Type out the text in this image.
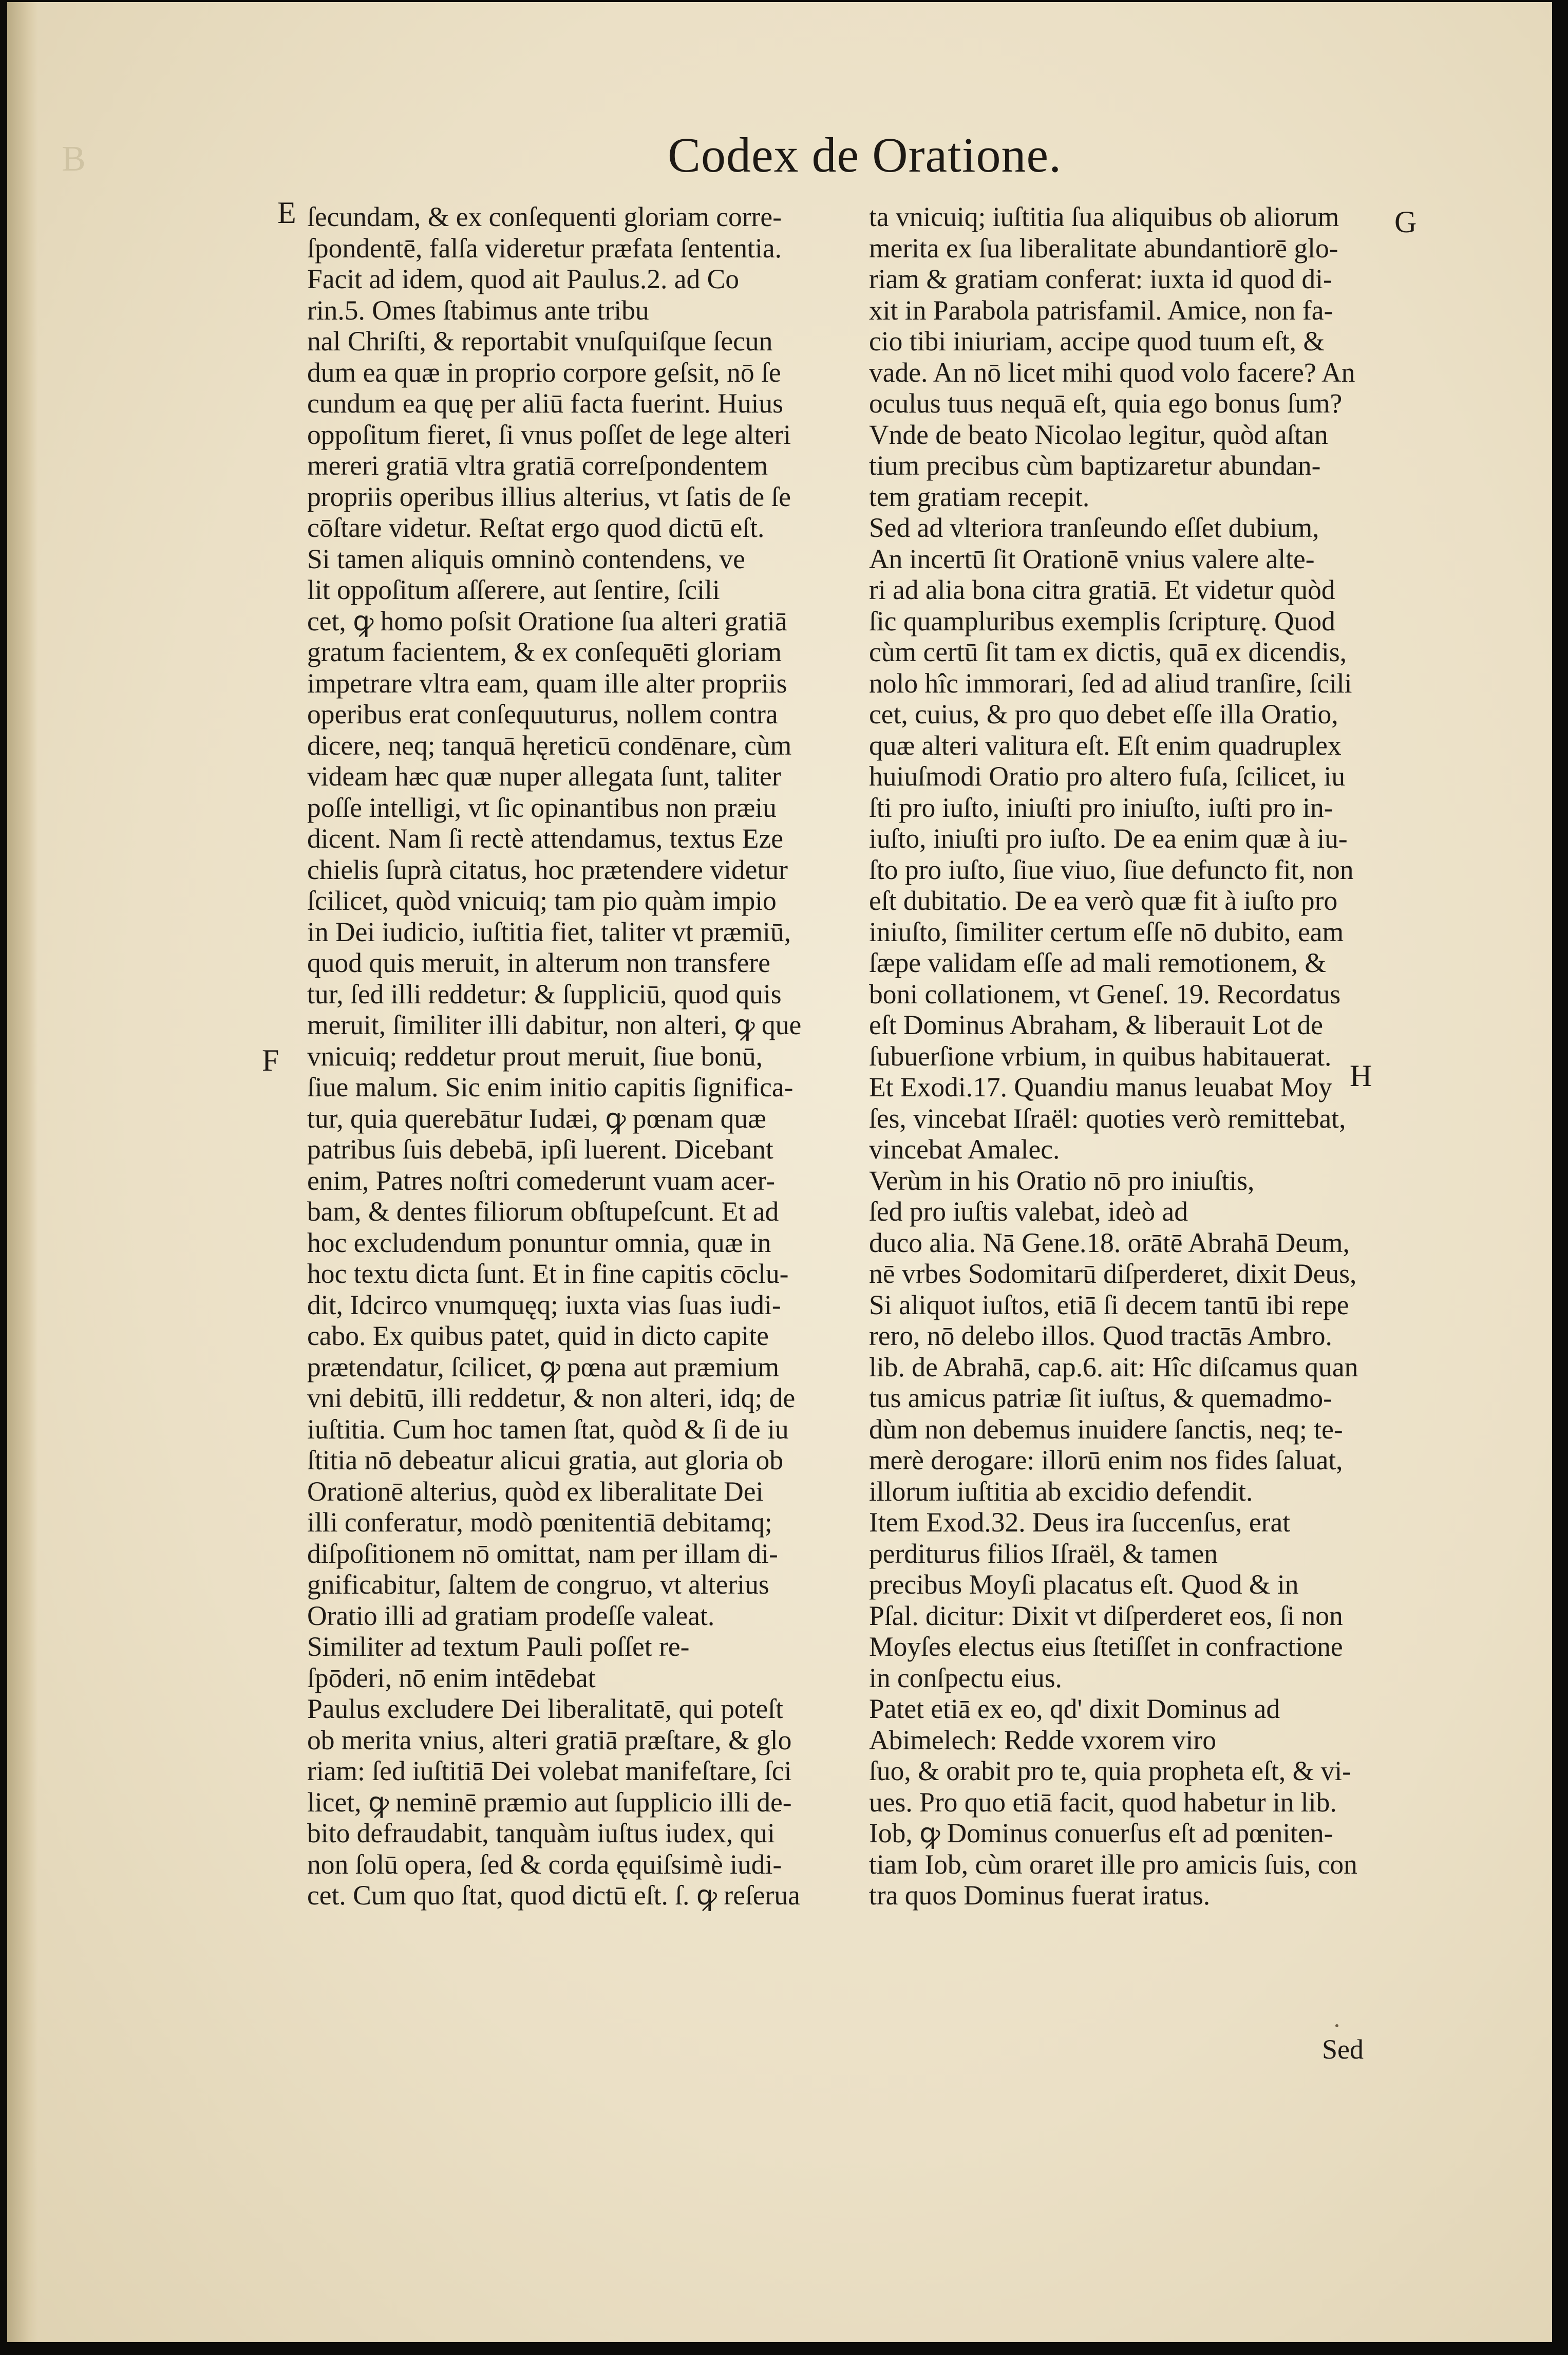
B	Codex de Oratione.
E
F
G
H
ſecundam, & ex conſequenti gloriam corre-
ſpondentē, falſa videretur præfata ſententia.
Facit ad idem, quod ait Paulus.2. ad Co
rin.5. Omes ſtabimus ante tribu
nal Chriſti, & reportabit vnuſquiſque ſecun
dum ea quæ in proprio corpore geſsit, nō ſe
cundum ea quę per aliū facta fuerint. Huius
oppoſitum fieret, ſi vnus poſſet de lege alteri
mereri gratiā vltra gratiā correſpondentem
propriis operibus illius alterius, vt ſatis de ſe
cōſtare videtur. Reſtat ergo quod dictū eſt.
Si tamen aliquis omninò contendens, ve
lit oppoſitum aſſerere, aut ſentire, ſcili
cet, ꝙ homo poſsit Oratione ſua alteri gratiā
gratum facientem, & ex conſequēti gloriam
impetrare vltra eam, quam ille alter propriis
operibus erat conſequuturus, nollem contra
dicere, neq; tanquā hęreticū condēnare, cùm
videam hæc quæ nuper allegata ſunt, taliter
poſſe intelligi, vt ſic opinantibus non præiu
dicent. Nam ſi rectè attendamus, textus Eze
chielis ſuprà citatus, hoc prætendere videtur
ſcilicet, quòd vnicuiq; tam pio quàm impio
in Dei iudicio, iuſtitia fiet, taliter vt præmiū,
quod quis meruit, in alterum non transfere
tur, ſed illi reddetur: & ſuppliciū, quod quis
meruit, ſimiliter illi dabitur, non alteri, ꝙ que
vnicuiq; reddetur prout meruit, ſiue bonū,
ſiue malum. Sic enim initio capitis ſignifica-
tur, quia querebātur Iudæi, ꝙ pœnam quæ
patribus ſuis debebā, ipſi luerent. Dicebant
enim, Patres noſtri comederunt vuam acer-
bam, & dentes filiorum obſtupeſcunt. Et ad
hoc excludendum ponuntur omnia, quæ in
hoc textu dicta ſunt. Et in fine capitis cōclu-
dit, Idcirco vnumquęq; iuxta vias ſuas iudi-
cabo. Ex quibus patet, quid in dicto capite
prætendatur, ſcilicet, ꝙ pœna aut præmium
vni debitū, illi reddetur, & non alteri, idq; de
iuſtitia. Cum hoc tamen ſtat, quòd & ſi de iu
ſtitia nō debeatur alicui gratia, aut gloria ob
Orationē alterius, quòd ex liberalitate Dei
illi conferatur, modò pœnitentiā debitamq;
diſpoſitionem nō omittat, nam per illam di-
gnificabitur, ſaltem de congruo, vt alterius
Oratio illi ad gratiam prodeſſe valeat.
Similiter ad textum Pauli poſſet re-
ſpōderi, nō enim intēdebat
Paulus excludere Dei liberalitatē, qui poteſt
ob merita vnius, alteri gratiā præſtare, & glo
riam: ſed iuſtitiā Dei volebat manifeſtare, ſci
licet, ꝙ neminē præmio aut ſupplicio illi de-
bito defraudabit, tanquàm iuſtus iudex, qui
non ſolū opera, ſed & corda ęquiſsimè iudi-
cet. Cum quo ſtat, quod dictū eſt. ſ. ꝙ reſerua
ta vnicuiq; iuſtitia ſua aliquibus ob aliorum
merita ex ſua liberalitate abundantiorē glo-
riam & gratiam conferat: iuxta id quod di-
xit in Parabola patrisfamil. Amice, non fa-
cio tibi iniuriam, accipe quod tuum eſt, &
vade. An nō licet mihi quod volo facere? An
oculus tuus nequā eſt, quia ego bonus ſum?
Vnde de beato Nicolao legitur, quòd aſtan
tium precibus cùm baptizaretur abundan-
tem gratiam recepit.
Sed ad vlteriora tranſeundo eſſet dubium,
An incertū ſit Orationē vnius valere alte-
ri ad alia bona citra gratiā. Et videtur quòd
ſic quampluribus exemplis ſcripturę. Quod
cùm certū ſit tam ex dictis, quā ex dicendis,
nolo hîc immorari, ſed ad aliud tranſire, ſcili
cet, cuius, & pro quo debet eſſe illa Oratio,
quæ alteri valitura eſt. Eſt enim quadruplex
huiuſmodi Oratio pro altero fuſa, ſcilicet, iu
ſti pro iuſto, iniuſti pro iniuſto, iuſti pro in-
iuſto, iniuſti pro iuſto. De ea enim quæ à iu-
ſto pro iuſto, ſiue viuo, ſiue defuncto fit, non
eſt dubitatio. De ea verò quæ fit à iuſto pro
iniuſto, ſimiliter certum eſſe nō dubito, eam
ſæpe validam eſſe ad mali remotionem, &
boni collationem, vt Geneſ. 19. Recordatus
eſt Dominus Abraham, & liberauit Lot de
ſubuerſione vrbium, in quibus habitauerat.
Et Exodi.17. Quandiu manus leuabat Moy
ſes, vincebat Iſraël: quoties verò remittebat,
vincebat Amalec.
Verùm in his Oratio nō pro iniuſtis,
ſed pro iuſtis valebat, ideò ad
duco alia. Nā Gene.18. orātē Abrahā Deum,
nē vrbes Sodomitarū diſperderet, dixit Deus,
Si aliquot iuſtos, etiā ſi decem tantū ibi repe
rero, nō delebo illos. Quod tractās Ambro.
lib. de Abrahā, cap.6. ait: Hîc diſcamus quan
tus amicus patriæ ſit iuſtus, & quemadmo-
dùm non debemus inuidere ſanctis, neq; te-
merè derogare: illorū enim nos fides ſaluat,
illorum iuſtitia ab excidio defendit.
Item Exod.32. Deus ira ſuccenſus, erat
perditurus filios Iſraël, & tamen
precibus Moyſi placatus eſt. Quod & in
Pſal. dicitur: Dixit vt diſperderet eos, ſi non
Moyſes electus eius ſtetiſſet in confractione
in conſpectu eius.
Patet etiā ex eo, qd' dixit Dominus ad
Abimelech: Redde vxorem viro
ſuo, & orabit pro te, quia propheta eſt, & vi-
ues. Pro quo etiā facit, quod habetur in lib.
Iob, ꝙ Dominus conuerſus eſt ad pœniten-
tiam Iob, cùm oraret ille pro amicis ſuis, con
tra quos Dominus fuerat iratus.
Sed
